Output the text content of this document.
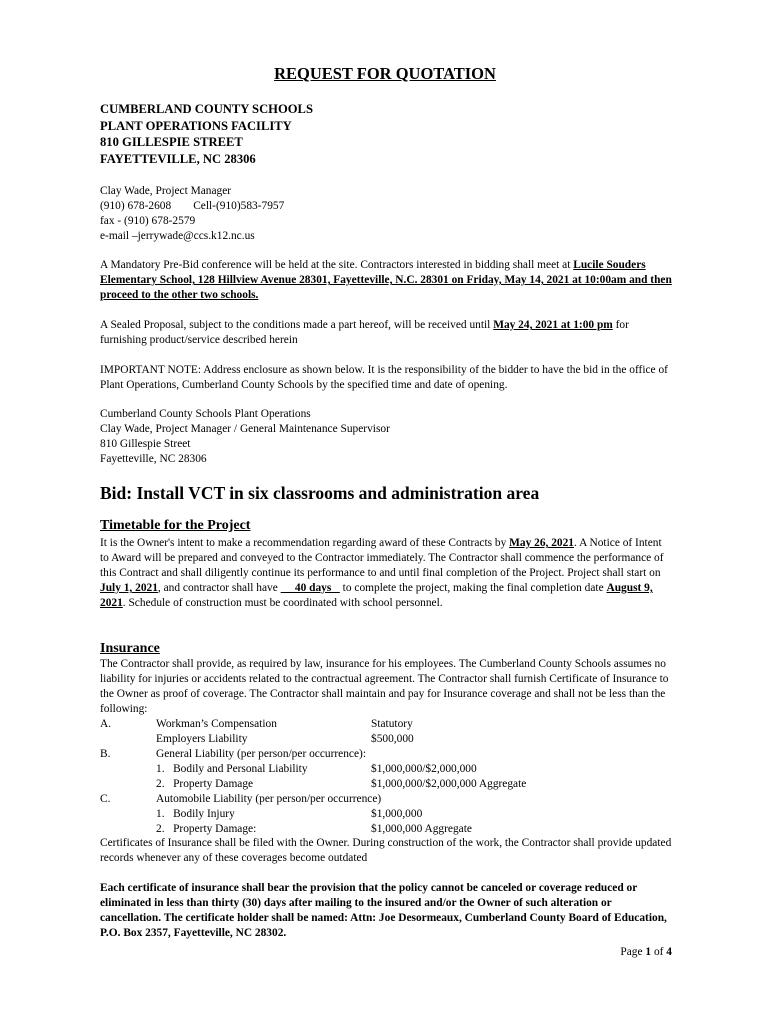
REQUEST FOR QUOTATION
CUMBERLAND COUNTY SCHOOLS
PLANT OPERATIONS FACILITY
810 GILLESPIE STREET
FAYETTEVILLE, NC 28306
Clay Wade, Project Manager
(910) 678-2608 Cell-(910)583-7957
fax - (910) 678-2579
e-mail –jerrywade@ccs.k12.nc.us
A Mandatory Pre-Bid conference will be held at the site. Contractors interested in bidding shall meet at Lucile Souders Elementary School, 128 Hillview Avenue 28301, Fayetteville, N.C. 28301 on Friday, May 14, 2021 at 10:00am and then proceed to the other two schools.
A Sealed Proposal, subject to the conditions made a part hereof, will be received until May 24, 2021 at 1:00 pm for furnishing product/service described herein
IMPORTANT NOTE: Address enclosure as shown below. It is the responsibility of the bidder to have the bid in the office of Plant Operations, Cumberland County Schools by the specified time and date of opening.
Cumberland County Schools Plant Operations
Clay Wade, Project Manager / General Maintenance Supervisor
810 Gillespie Street
Fayetteville, NC 28306
Bid: Install VCT in six classrooms and administration area
Timetable for the Project
It is the Owner's intent to make a recommendation regarding award of these Contracts by May 26, 2021. A Notice of Intent to Award will be prepared and conveyed to the Contractor immediately. The Contractor shall commence the performance of this Contract and shall diligently continue its performance to and until final completion of the Project. Project shall start on July 1, 2021, and contractor shall have      40 days    to complete the project, making the final completion date August 9, 2021. Schedule of construction must be coordinated with school personnel.
Insurance
The Contractor shall provide, as required by law, insurance for his employees. The Cumberland County Schools assumes no liability for injuries or accidents related to the contractual agreement. The Contractor shall furnish Certificate of Insurance to the Owner as proof of coverage. The Contractor shall maintain and pay for Insurance coverage and shall not be less than the following:
A.	Workman’s Compensation	Statutory
Employers Liability	$500,000
B.	General Liability (per person/per occurrence):
1.   Bodily and Personal Liability	$1,000,000/$2,000,000
2.   Property Damage	$1,000,000/$2,000,000 Aggregate
C.	Automobile Liability (per person/per occurrence)
1.   Bodily Injury	$1,000,000
2.   Property Damage:	$1,000,000 Aggregate
Certificates of Insurance shall be filed with the Owner. During construction of the work, the Contractor shall provide updated records whenever any of these coverages become outdated
Each certificate of insurance shall bear the provision that the policy cannot be canceled or coverage reduced or eliminated in less than thirty (30) days after mailing to the insured and/or the Owner of such alteration or cancellation. The certificate holder shall be named: Attn: Joe Desormeaux, Cumberland County Board of Education, P.O. Box 2357, Fayetteville, NC 28302.
Page 1 of 4
